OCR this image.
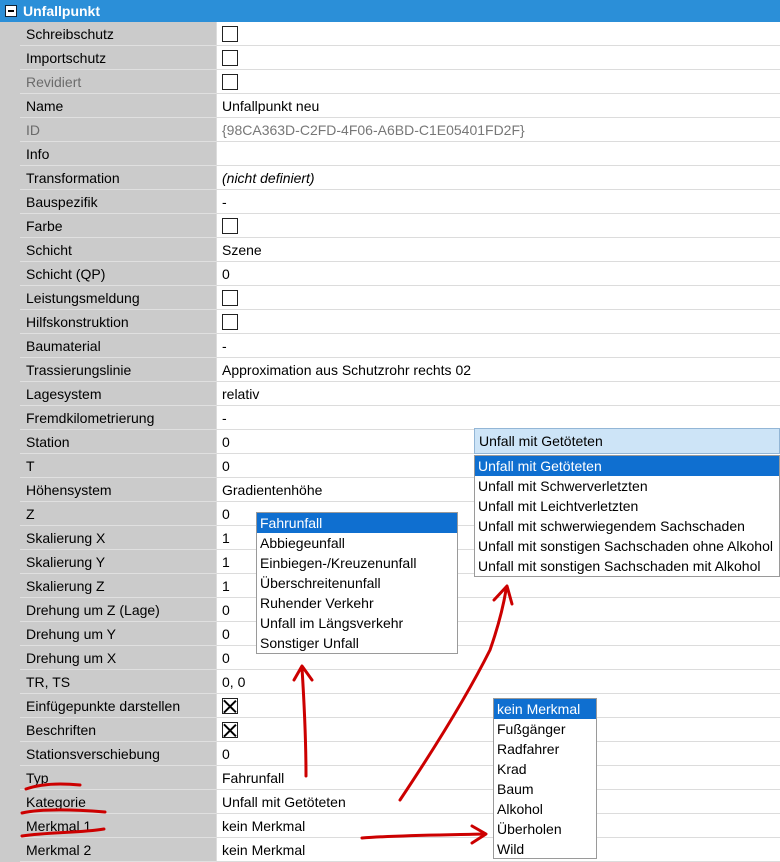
Unfallpunkt
Schreibschutz
Importschutz
Revidiert
Name	Unfallpunkt neu
ID	{98CA363D-C2FD-4F06-A6BD-C1E05401FD2F}
Info
Transformation	(nicht definiert)
Bauspezifik	-
Farbe
Schicht	Szene
Schicht (QP)	0
Leistungsmeldung
Hilfskonstruktion
Baumaterial	-
Trassierungslinie	Approximation aus Schutzrohr rechts 02
Lagesystem	relativ
Fremdkilometrierung	-
Station	0
T	0
Höhensystem	Gradientenhöhe
Z	0
Skalierung X	1
Skalierung Y	1
Skalierung Z	1
Drehung um Z (Lage)	0
Drehung um Y	0
Drehung um X	0
TR, TS	0, 0
Einfügepunkte darstellen
Beschriften
Stationsverschiebung	0
Typ	Fahrunfall
Kategorie	Unfall mit Getöteten
Merkmal 1	kein Merkmal
Merkmal 2	kein Merkmal
Fahrunfall
Abbiegeunfall
Einbiegen-/Kreuzenunfall
Überschreitenunfall
Ruhender Verkehr
Unfall im Längsverkehr
Sonstiger Unfall
Unfall mit Getöteten
Unfall mit Getöteten
Unfall mit Schwerverletzten
Unfall mit Leichtverletzten
Unfall mit schwerwiegendem Sachschaden
Unfall mit sonstigen Sachschaden ohne Alkohol
Unfall mit sonstigen Sachschaden mit Alkohol
kein Merkmal
Fußgänger
Radfahrer
Krad
Baum
Alkohol
Überholen
Wild
